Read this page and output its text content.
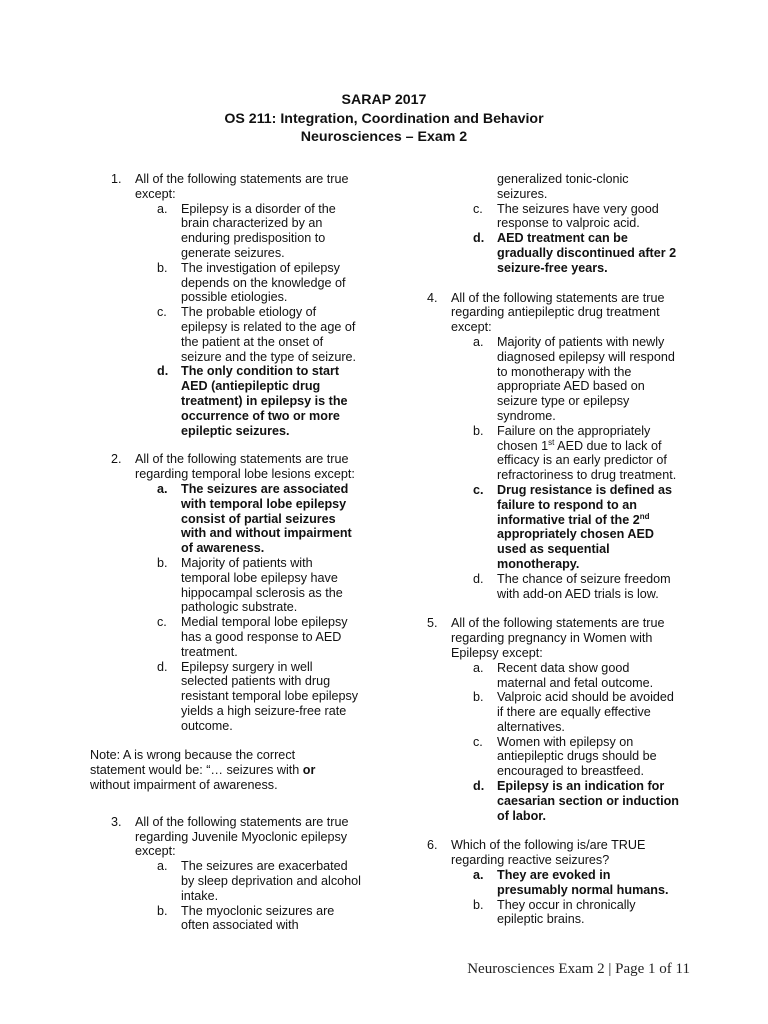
SARAP 2017
OS 211: Integration, Coordination and Behavior
Neurosciences – Exam 2
1. All of the following statements are true except:
a. Epilepsy is a disorder of the brain characterized by an enduring predisposition to generate seizures.
b. The investigation of epilepsy depends on the knowledge of possible etiologies.
c. The probable etiology of epilepsy is related to the age of the patient at the onset of seizure and the type of seizure.
d. The only condition to start AED (antiepileptic drug treatment) in epilepsy is the occurrence of two or more epileptic seizures.
2. All of the following statements are true regarding temporal lobe lesions except:
a. The seizures are associated with temporal lobe epilepsy consist of partial seizures with and without impairment of awareness.
b. Majority of patients with temporal lobe epilepsy have hippocampal sclerosis as the pathologic substrate.
c. Medial temporal lobe epilepsy has a good response to AED treatment.
d. Epilepsy surgery in well selected patients with drug resistant temporal lobe epilepsy yields a high seizure-free rate outcome.
Note: A is wrong because the correct statement would be: “… seizures with or without impairment of awareness.
3. All of the following statements are true regarding Juvenile Myoclonic epilepsy except:
a. The seizures are exacerbated by sleep deprivation and alcohol intake.
b. The myoclonic seizures are often associated with
generalized tonic-clonic seizures.
c. The seizures have very good response to valproic acid.
d. AED treatment can be gradually discontinued after 2 seizure-free years.
4. All of the following statements are true regarding antiepileptic drug treatment except:
a. Majority of patients with newly diagnosed epilepsy will respond to monotherapy with the appropriate AED based on seizure type or epilepsy syndrome.
b. Failure on the appropriately chosen 1st AED due to lack of efficacy is an early predictor of refractoriness to drug treatment.
c. Drug resistance is defined as failure to respond to an informative trial of the 2nd appropriately chosen AED used as sequential monotherapy.
d. The chance of seizure freedom with add-on AED trials is low.
5. All of the following statements are true regarding pregnancy in Women with Epilepsy except:
a. Recent data show good maternal and fetal outcome.
b. Valproic acid should be avoided if there are equally effective alternatives.
c. Women with epilepsy on antiepileptic drugs should be encouraged to breastfeed.
d. Epilepsy is an indication for caesarian section or induction of labor.
6. Which of the following is/are TRUE regarding reactive seizures?
a. They are evoked in presumably normal humans.
b. They occur in chronically epileptic brains.
Neurosciences Exam 2 | Page 1 of 11
